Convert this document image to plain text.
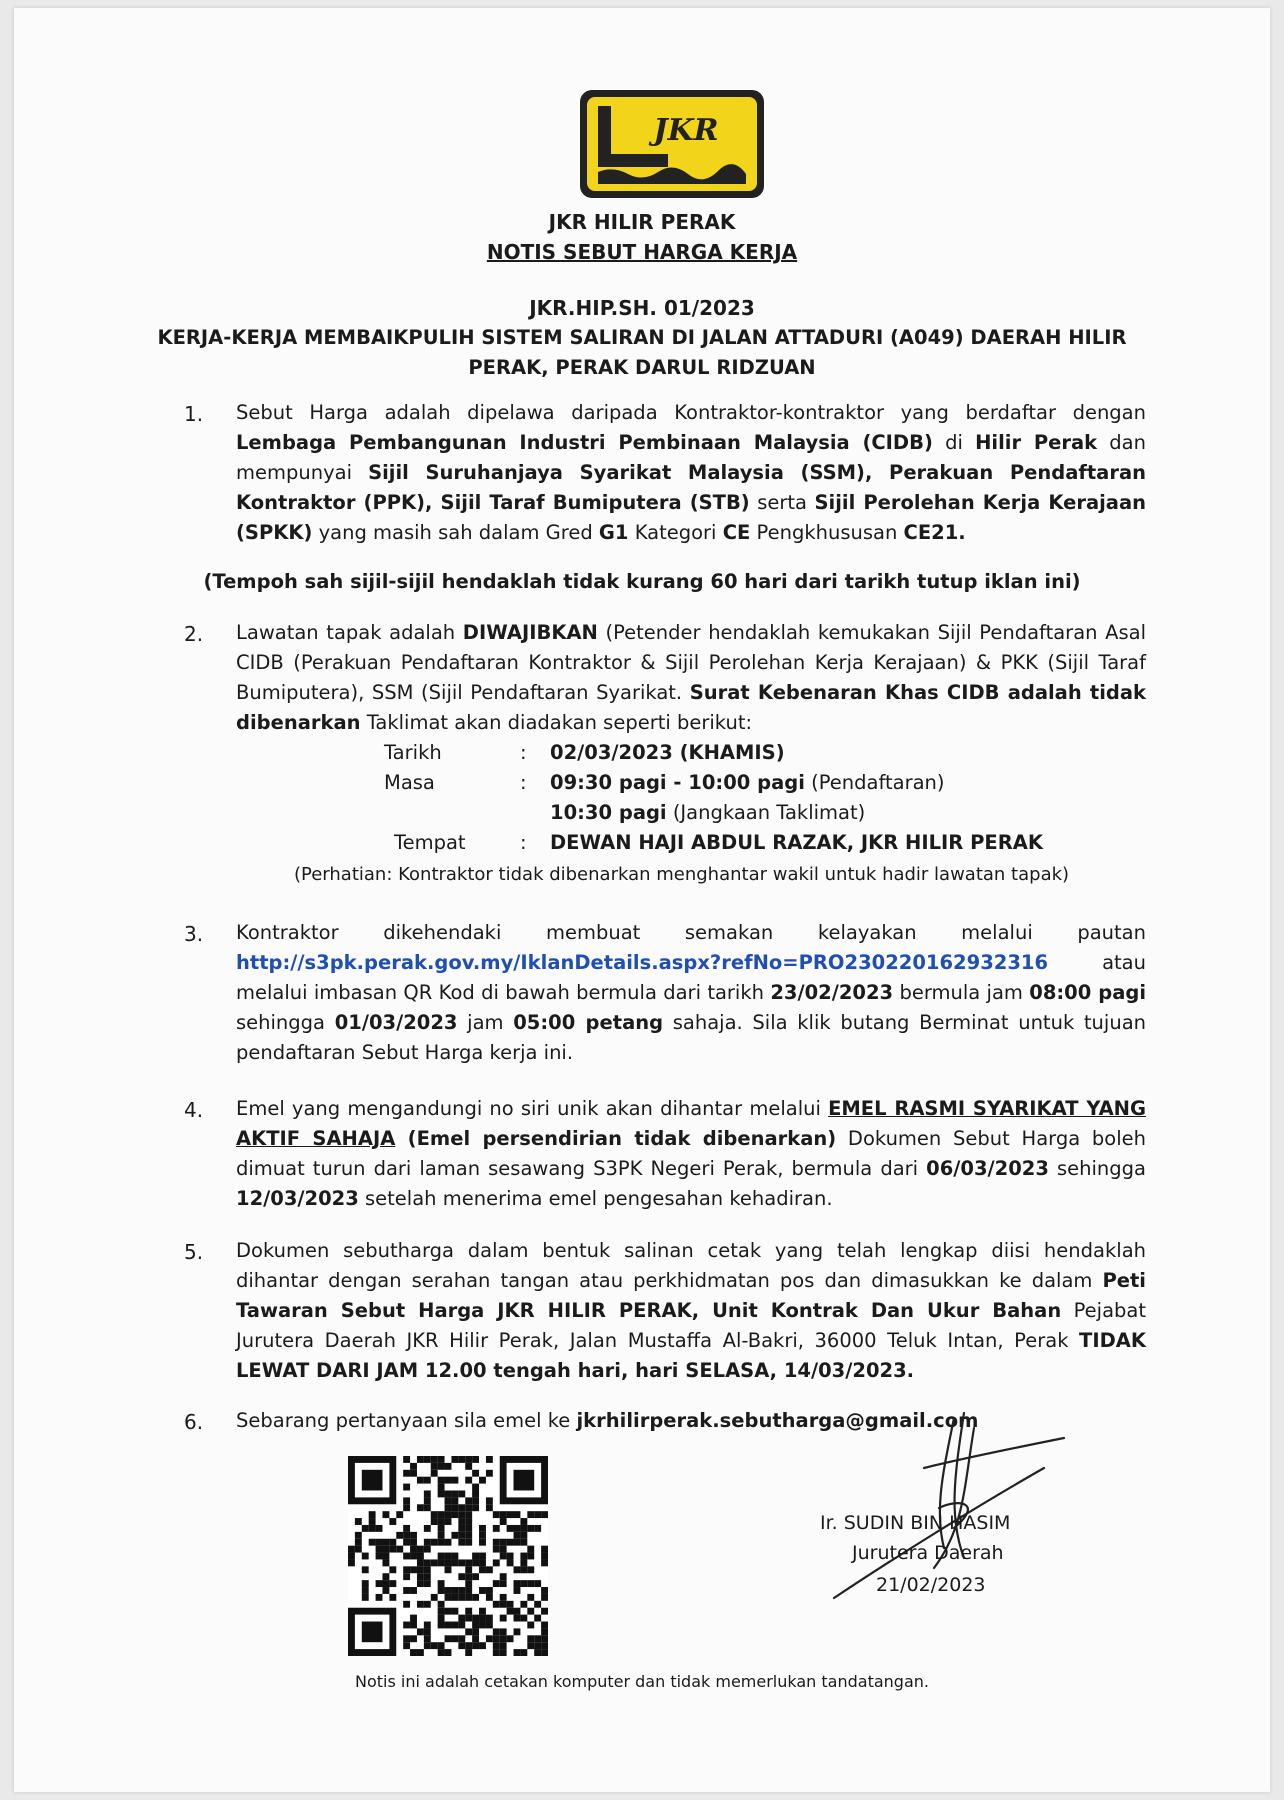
JKR
JKR HILIR PERAK
NOTIS SEBUT HARGA KERJA
JKR.HIP.SH. 01/2023
KERJA-KERJA MEMBAIKPULIH SISTEM SALIRAN DI JALAN ATTADURI (A049) DAERAH HILIR
PERAK, PERAK DARUL RIDZUAN
1. Sebut Harga adalah dipelawa daripada Kontraktor-kontraktor yang berdaftar dengan Lembaga Pembangunan Industri Pembinaan Malaysia (CIDB) di Hilir Perak dan mempunyai Sijil Suruhanjaya Syarikat Malaysia (SSM), Perakuan Pendaftaran Kontraktor (PPK), Sijil Taraf Bumiputera (STB) serta Sijil Perolehan Kerja Kerajaan (SPKK) yang masih sah dalam Gred G1 Kategori CE Pengkhususan CE21.
(Tempoh sah sijil-sijil hendaklah tidak kurang 60 hari dari tarikh tutup iklan ini)
2. Lawatan tapak adalah DIWAJIBKAN (Petender hendaklah kemukakan Sijil Pendaftaran Asal CIDB (Perakuan Pendaftaran Kontraktor & Sijil Perolehan Kerja Kerajaan) & PKK (Sijil Taraf Bumiputera), SSM (Sijil Pendaftaran Syarikat. Surat Kebenaran Khas CIDB adalah tidak dibenarkan Taklimat akan diadakan seperti berikut:
Tarikh	: 02/03/2023 (KHAMIS)
Masa	: 09:30 pagi - 10:00 pagi (Pendaftaran)
10:30 pagi (Jangkaan Taklimat)
Tempat	: DEWAN HAJI ABDUL RAZAK, JKR HILIR PERAK
(Perhatian: Kontraktor tidak dibenarkan menghantar wakil untuk hadir lawatan tapak)
3. Kontraktor dikehendaki membuat semakan kelayakan melalui pautan http://s3pk.perak.gov.my/IklanDetails.aspx?refNo=PRO230220162932316 atau melalui imbasan QR Kod di bawah bermula dari tarikh 23/02/2023 bermula jam 08:00 pagi sehingga 01/03/2023 jam 05:00 petang sahaja. Sila klik butang Berminat untuk tujuan pendaftaran Sebut Harga kerja ini.
4. Emel yang mengandungi no siri unik akan dihantar melalui EMEL RASMI SYARIKAT YANG AKTIF SAHAJA (Emel persendirian tidak dibenarkan) Dokumen Sebut Harga boleh dimuat turun dari laman sesawang S3PK Negeri Perak, bermula dari 06/03/2023 sehingga 12/03/2023 setelah menerima emel pengesahan kehadiran.
5. Dokumen sebutharga dalam bentuk salinan cetak yang telah lengkap diisi hendaklah dihantar dengan serahan tangan atau perkhidmatan pos dan dimasukkan ke dalam Peti Tawaran Sebut Harga JKR HILIR PERAK, Unit Kontrak Dan Ukur Bahan Pejabat Jurutera Daerah JKR Hilir Perak, Jalan Mustaffa Al-Bakri, 36000 Teluk Intan, Perak TIDAK LEWAT DARI JAM 12.00 tengah hari, hari SELASA, 14/03/2023.
6. Sebarang pertanyaan sila emel ke jkrhilirperak.sebutharga@gmail.com
Ir. SUDIN BIN HASIM
Jurutera Daerah
21/02/2023
Notis ini adalah cetakan komputer dan tidak memerlukan tandatangan.
